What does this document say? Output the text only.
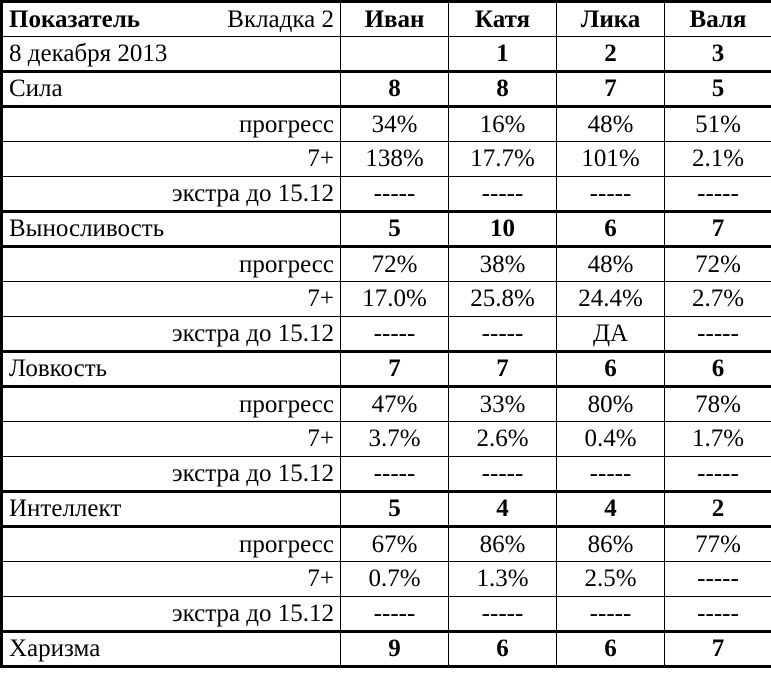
Показатель Вкладка 2	Иван	Катя	Лика	Валя
8 декабря 2013		1	2	3
Сила	8	8	7	5
прогресс	34%	16%	48%	51%
7+	138%	17.7%	101%	2.1%
экстра до 15.12	-----	-----	-----	-----
Выносливость	5	10	6	7
прогресс	72%	38%	48%	72%
7+	17.0%	25.8%	24.4%	2.7%
экстра до 15.12	-----	-----	ДА	-----
Ловкость	7	7	6	6
прогресс	47%	33%	80%	78%
7+	3.7%	2.6%	0.4%	1.7%
экстра до 15.12	-----	-----	-----	-----
Интеллект	5	4	4	2
прогресс	67%	86%	86%	77%
7+	0.7%	1.3%	2.5%	-----
экстра до 15.12	-----	-----	-----	-----
Харизма	9	6	6	7
